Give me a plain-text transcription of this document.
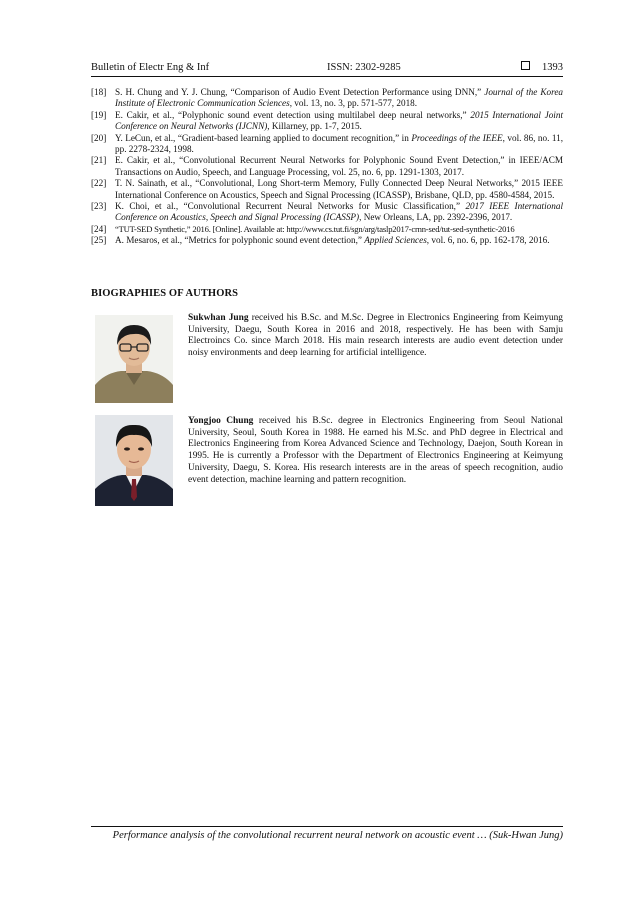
Bulletin of Electr Eng & Inf	ISSN: 2302-9285	1393
[18] S. H. Chung and Y. J. Chung, “Comparison of Audio Event Detection Performance using DNN,” Journal of the Korea Institute of Electronic Communication Sciences, vol. 13, no. 3, pp. 571-577, 2018.
[19] E. Cakir, et al., “Polyphonic sound event detection using multilabel deep neural networks,” 2015 International Joint Conference on Neural Networks (IJCNN), Killarney, pp. 1-7, 2015.
[20] Y. LeCun, et al., “Gradient-based learning applied to document recognition,” in Proceedings of the IEEE, vol. 86, no. 11, pp. 2278-2324, 1998.
[21] E. Cakir, et al., “Convolutional Recurrent Neural Networks for Polyphonic Sound Event Detection,” in IEEE/ACM Transactions on Audio, Speech, and Language Processing, vol. 25, no. 6, pp. 1291-1303, 2017.
[22] T. N. Sainath, et al., “Convolutional, Long Short-term Memory, Fully Connected Deep Neural Networks,” 2015 IEEE International Conference on Acoustics, Speech and Signal Processing (ICASSP), Brisbane, QLD, pp. 4580-4584, 2015.
[23] K. Choi, et al., “Convolutional Recurrent Neural Networks for Music Classification,” 2017 IEEE International Conference on Acoustics, Speech and Signal Processing (ICASSP), New Orleans, LA, pp. 2392-2396, 2017.
[24]	“TUT-SED Synthetic,” 2016. [Online]. Available at: http://www.cs.tut.fi/sgn/arg/taslp2017-crnn-sed/tut-sed-synthetic-2016
[25] A. Mesaros, et al., “Metrics for polyphonic sound event detection,” Applied Sciences, vol. 6, no. 6, pp. 162-178, 2016.
BIOGRAPHIES OF AUTHORS
Sukwhan Jung received his B.Sc. and M.Sc. Degree in Electronics Engineering from Keimyung University, Daegu, South Korea in 2016 and 2018, respectively. He has been with Samju Electroincs Co. since March 2018. His main research interests are audio event detection under noisy environments and deep learning for artificial intelligence.
Yongjoo Chung received his B.Sc. degree in Electronics Engineering from Seoul National University, Seoul, South Korea in 1988. He earned his M.Sc. and PhD degree in Electrical and Electronics Engineering from Korea Advanced Science and Technology, Daejon, South Korean in 1995. He is currently a Professor with the Department of Electronics Engineering at Keimyung University, Daegu, S. Korea. His research interests are in the areas of speech recognition, audio event detection, machine learning and pattern recognition.
Performance analysis of the convolutional recurrent neural network on acoustic event … (Suk-Hwan Jung)
